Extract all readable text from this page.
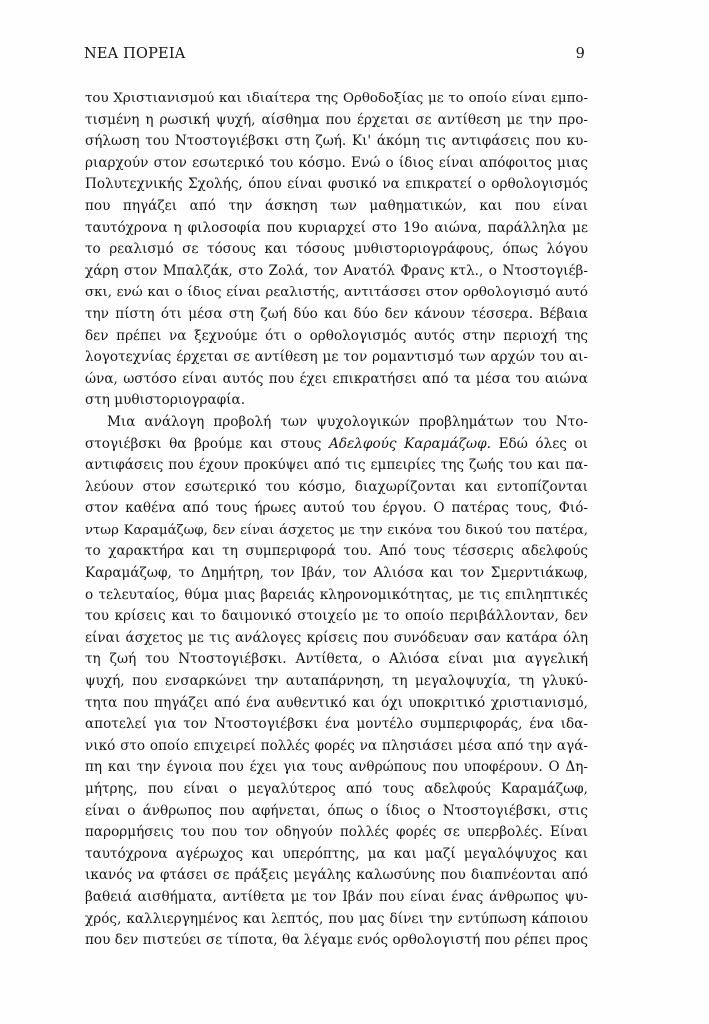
ΝΕΑ ΠΟΡΕΙΑ	9
του Χριστιανισμού και ιδιαίτερα της Ορθοδοξίας με το οποίο είναι εμπο-
τισμένη η ρωσική ψυχή, αίσθημα που έρχεται σε αντίθεση με την προ-
σήλωση του Ντοστογιέβσκι στη ζωή. Κι' άκόμη τις αντιφάσεις που κυ-
ριαρχούν στον εσωτερικό του κόσμο. Ενώ ο ίδιος είναι απόφοιτος μιας
Πολυτεχνικής Σχολής, όπου είναι φυσικό να επικρατεί ο ορθολογισμός
που πηγάζει από την άσκηση των μαθηματικών, και που είναι
ταυτόχρονα η φιλοσοφία που κυριαρχεί στο 19ο αιώνα, παράλληλα με
το ρεαλισμό σε τόσους και τόσους μυθιστοριογράφους, όπως λόγου
χάρη στον Μπαλζάκ, στο Ζολά, τον Ανατόλ Φρανς κτλ., ο Ντοστογιέβ-
σκι, ενώ και ο ίδιος είναι ρεαλιστής, αντιτάσσει στον ορθολογισμό αυτό
την πίστη ότι μέσα στη ζωή δύο και δύο δεν κάνουν τέσσερα. Βέβαια
δεν πρέπει να ξεχνούμε ότι ο ορθολογισμός αυτός στην περιοχή της
λογοτεχνίας έρχεται σε αντίθεση με τον ρομαντισμό των αρχών του αι-
ώνα, ωστόσο είναι αυτός που έχει επικρατήσει από τα μέσα του αιώνα
στη μυθιστοριογραφία.
Μια ανάλογη προβολή των ψυχολογικών προβλημάτων του Ντο-
στογιέβσκι θα βρούμε και στους Αδελφούς Καραμάζωφ. Εδώ όλες οι
αντιφάσεις που έχουν προκύψει από τις εμπειρίες της ζωής του και πα-
λεύουν στον εσωτερικό του κόσμο, διαχωρίζονται και εντοπίζονται
στον καθένα από τους ήρωες αυτού του έργου. Ο πατέρας τους, Φιό-
ντωρ Καραμάζωφ, δεν είναι άσχετος με την εικόνα του δικού του πατέρα,
το χαρακτήρα και τη συμπεριφορά του. Από τους τέσσερις αδελφούς
Καραμάζωφ, το Δημήτρη, τον Ιβάν, τον Αλιόσα και τον Σμερντιάκωφ,
ο τελευταίος, θύμα μιας βαρειάς κληρονομικότητας, με τις επιληπτικές
του κρίσεις και το δαιμονικό στοιχείο με το οποίο περιβάλλονταν, δεν
είναι άσχετος με τις ανάλογες κρίσεις που συνόδευαν σαν κατάρα όλη
τη ζωή του Ντοστογιέβσκι. Αντίθετα, ο Αλιόσα είναι μια αγγελική
ψυχή, που ενσαρκώνει την αυταπάρνηση, τη μεγαλοψυχία, τη γλυκύ-
τητα που πηγάζει από ένα αυθεντικό και όχι υποκριτικό χριστιανισμό,
αποτελεί για τον Ντοστογιέβσκι ένα μοντέλο συμπεριφοράς, ένα ιδα-
νικό στο οποίο επιχειρεί πολλές φορές να πλησιάσει μέσα από την αγά-
πη και την έγνοια που έχει για τους ανθρώπους που υποφέρουν. Ο Δη-
μήτρης, που είναι ο μεγαλύτερος από τους αδελφούς Καραμάζωφ,
είναι ο άνθρωπος που αφήνεται, όπως ο ίδιος ο Ντοστογιέβσκι, στις
παρορμήσεις του που τον οδηγούν πολλές φορές σε υπερβολές. Είναι
ταυτόχρονα αγέρωχος και υπερόπτης, μα και μαζί μεγαλόψυχος και
ικανός να φτάσει σε πράξεις μεγάλης καλωσύνης που διαπνέονται από
βαθειά αισθήματα, αντίθετα με τον Ιβάν που είναι ένας άνθρωπος ψυ-
χρός, καλλιεργημένος και λεπτός, που μας δίνει την εντύπωση κάποιου
που δεν πιστεύει σε τίποτα, θα λέγαμε ενός ορθολογιστή που ρέπει προς
